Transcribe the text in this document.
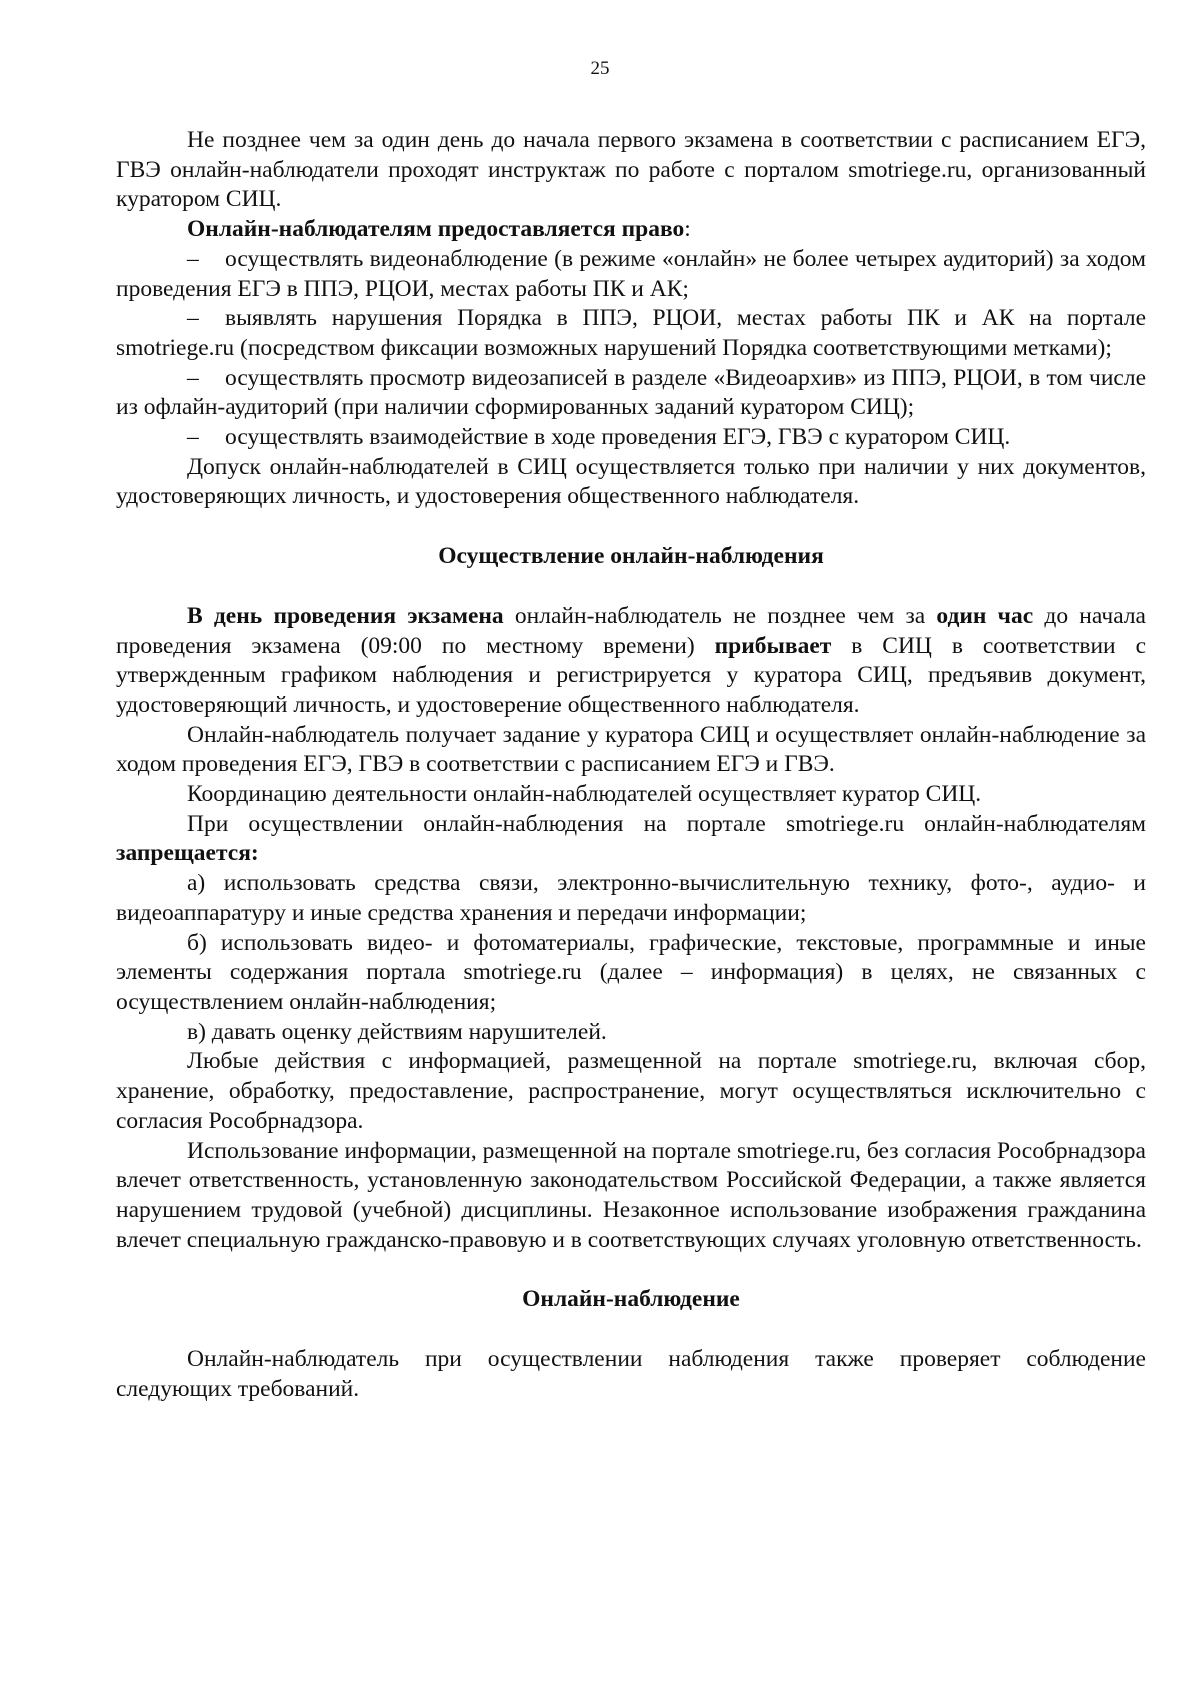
25

Не позднее чем за один день до начала первого экзамена в соответствии с расписанием ЕГЭ, ГВЭ онлайн-наблюдатели проходят инструктаж по работе с порталом smotriege.ru, организованный куратором СИЦ.

Онлайн-наблюдателям предоставляется право:

– осуществлять видеонаблюдение (в режиме «онлайн» не более четырех аудиторий) за ходом проведения ЕГЭ в ППЭ, РЦОИ, местах работы ПК и АК;

– выявлять нарушения Порядка в ППЭ, РЦОИ, местах работы ПК и АК на портале smotriege.ru (посредством фиксации возможных нарушений Порядка соответствующими метками);

– осуществлять просмотр видеозаписей в разделе «Видеоархив» из ППЭ, РЦОИ, в том числе из офлайн-аудиторий (при наличии сформированных заданий куратором СИЦ);

– осуществлять взаимодействие в ходе проведения ЕГЭ, ГВЭ с куратором СИЦ.

Допуск онлайн-наблюдателей в СИЦ осуществляется только при наличии у них документов, удостоверяющих личность, и удостоверения общественного наблюдателя.

Осуществление онлайн-наблюдения

В день проведения экзамена онлайн-наблюдатель не позднее чем за один час до начала проведения экзамена (09:00 по местному времени) прибывает в СИЦ в соответствии с утвержденным графиком наблюдения и регистрируется у куратора СИЦ, предъявив документ, удостоверяющий личность, и удостоверение общественного наблюдателя.

Онлайн-наблюдатель получает задание у куратора СИЦ и осуществляет онлайн-наблюдение за ходом проведения ЕГЭ, ГВЭ в соответствии с расписанием ЕГЭ и ГВЭ.

Координацию деятельности онлайн-наблюдателей осуществляет куратор СИЦ.

При осуществлении онлайн-наблюдения на портале smotriege.ru онлайн-наблюдателям запрещается:

а) использовать средства связи, электронно-вычислительную технику, фото-, аудио- и видеоаппаратуру и иные средства хранения и передачи информации;

б) использовать видео- и фотоматериалы, графические, текстовые, программные и иные элементы содержания портала smotriege.ru (далее – информация) в целях, не связанных с осуществлением онлайн-наблюдения;

в) давать оценку действиям нарушителей.

Любые действия с информацией, размещенной на портале smotriege.ru, включая сбор, хранение, обработку, предоставление, распространение, могут осуществляться исключительно с согласия Рособрнадзора.

Использование информации, размещенной на портале smotriege.ru, без согласия Рособрнадзора влечет ответственность, установленную законодательством Российской Федерации, а также является нарушением трудовой (учебной) дисциплины. Незаконное использование изображения гражданина влечет специальную гражданско-правовую и в соответствующих случаях уголовную ответственность.

Онлайн-наблюдение

Онлайн-наблюдатель при осуществлении наблюдения также проверяет соблюдение следующих требований.
